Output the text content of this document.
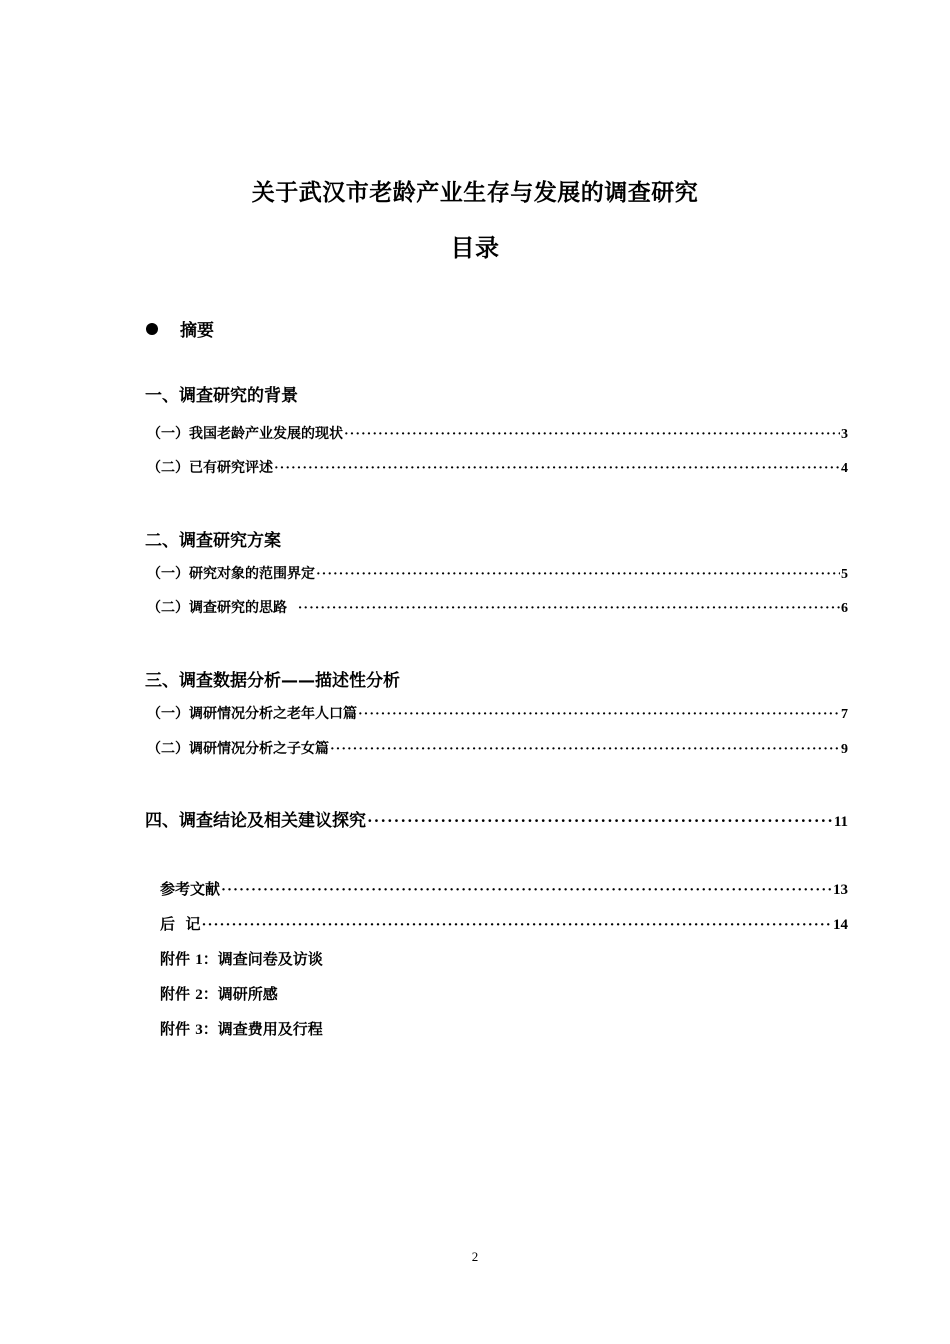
关于武汉市老龄产业生存与发展的调查研究
目录
摘要
一、调查研究的背景
（一）我国老龄产业发展的现状 ·····	3
（二）已有研究评述 ·····	4
二、调查研究方案
（一）研究对象的范围界定 ·····	5
（二）调查研究的思路 ·····	6
三、调查数据分析——描述性分析
（一）调研情况分析之老年人口篇 ·····	7
（二）调研情况分析之子女篇 ·····	9
四、调查结论及相关建议探究 ·····	11
参考文献 ·····	13
后  记 ·····	14
附件 1：调查问卷及访谈
附件 2：调研所感
附件 3：调查费用及行程
2
